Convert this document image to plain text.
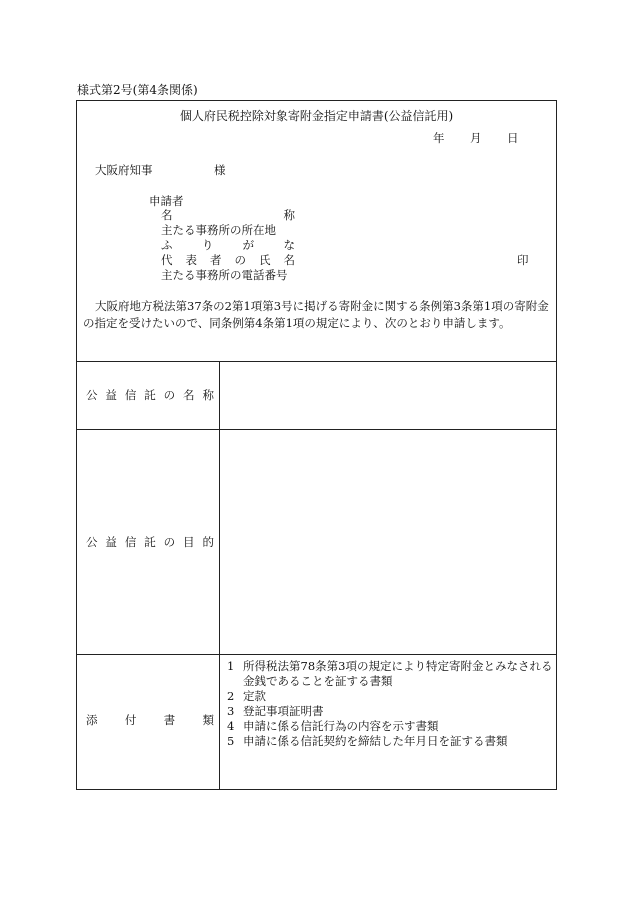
様式第2号(第4条関係)
個人府民税控除対象寄附金指定申請書(公益信託用)
年 月 日
大阪府知事	様
申請者
名	称
主たる事務所の所在地
ふ	り	が	な
代 表 者 の 氏 名	印
主たる事務所の電話番号
大阪府地方税法第37条の2第1項第3号に掲げる寄附金に関する条例第3条第1項の寄附金の指定を受けたいので、同条例第4条第1項の規定により、次のとおり申請します。
公 益 信 託 の 名 称
公 益 信 託 の 目 的
添 付 書 類
1 所得税法第78条第3項の規定により特定寄附金とみなされる金銭であることを証する書類
2 定款
3 登記事項証明書
4 申請に係る信託行為の内容を示す書類
5 申請に係る信託契約を締結した年月日を証する書類
